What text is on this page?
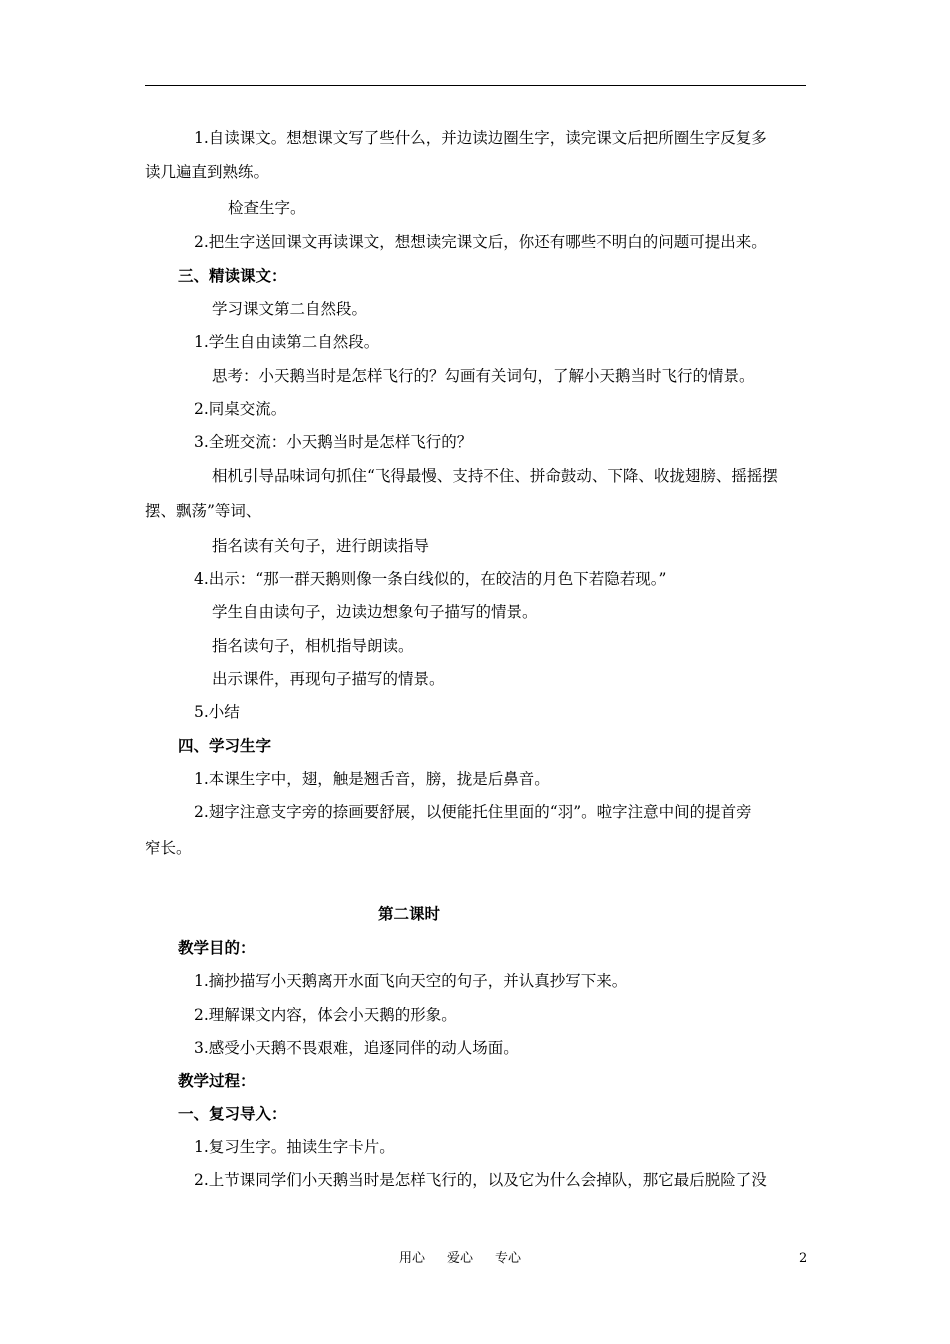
1.自读课文。想想课文写了些什么，并边读边圈生字，读完课文后把所圈生字反复多
读几遍直到熟练。
检查生字。
2.把生字送回课文再读课文，想想读完课文后，你还有哪些不明白的问题可提出来。
三、精读课文：
学习课文第二自然段。
1.学生自由读第二自然段。
思考：小天鹅当时是怎样飞行的？勾画有关词句，了解小天鹅当时飞行的情景。
2.同桌交流。
3.全班交流：小天鹅当时是怎样飞行的？
相机引导品味词句抓住“飞得最慢、支持不住、拼命鼓动、下降、收拢翅膀、摇摇摆
摆、飘荡”等词、
指名读有关句子，进行朗读指导
4.出示：“那一群天鹅则像一条白线似的，在皎洁的月色下若隐若现。”
学生自由读句子，边读边想象句子描写的情景。
指名读句子，相机指导朗读。
出示课件，再现句子描写的情景。
5.小结
四、学习生字
1.本课生字中，翅，触是翘舌音，膀，拢是后鼻音。
2.翅字注意支字旁的捺画要舒展，以便能托住里面的“羽”。啦字注意中间的提首旁
窄长。
第二课时
教学目的：
1.摘抄描写小天鹅离开水面飞向天空的句子，并认真抄写下来。
2.理解课文内容，体会小天鹅的形象。
3.感受小天鹅不畏艰难，追逐同伴的动人场面。
教学过程：
一、复习导入：
1.复习生字。抽读生字卡片。
2.上节课同学们小天鹅当时是怎样飞行的，以及它为什么会掉队，那它最后脱险了没
用心 爱心 专心	2
